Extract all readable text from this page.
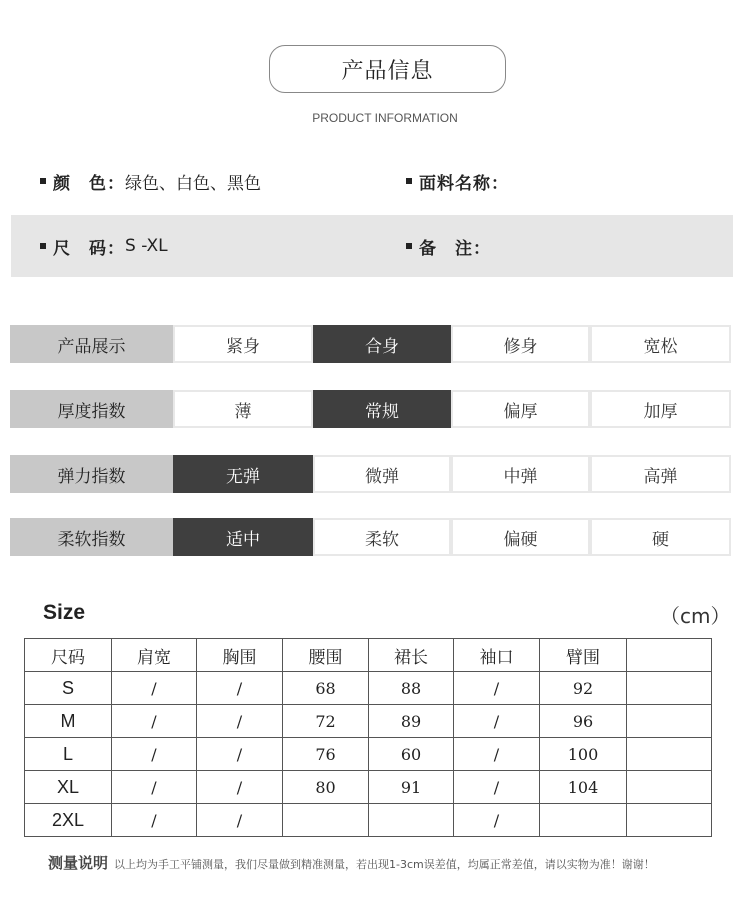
产品信息
PRODUCT INFORMATION
颜　色： 绿色、白色、黑色	面料名称：
尺　码： S -XL	备　注：
产品展示	紧身	合身	修身	宽松
厚度指数	薄	常规	偏厚	加厚
弹力指数	无弹	微弹	中弹	高弹
柔软指数	适中	柔软	偏硬	硬
Size	（cm）
尺码	肩宽	胸围	腰围	裙长	袖口	臂围	
S	/	/	68	88	/	92	
M	/	/	72	89	/	96	
L	/	/	76	60	/	100	
XL	/	/	80	91	/	104	
2XL	/	/			/		
测量说明 以上均为手工平铺测量，我们尽量做到精准测量，若出现1-3cm误差值，均属正常差值，请以实物为准！谢谢！
